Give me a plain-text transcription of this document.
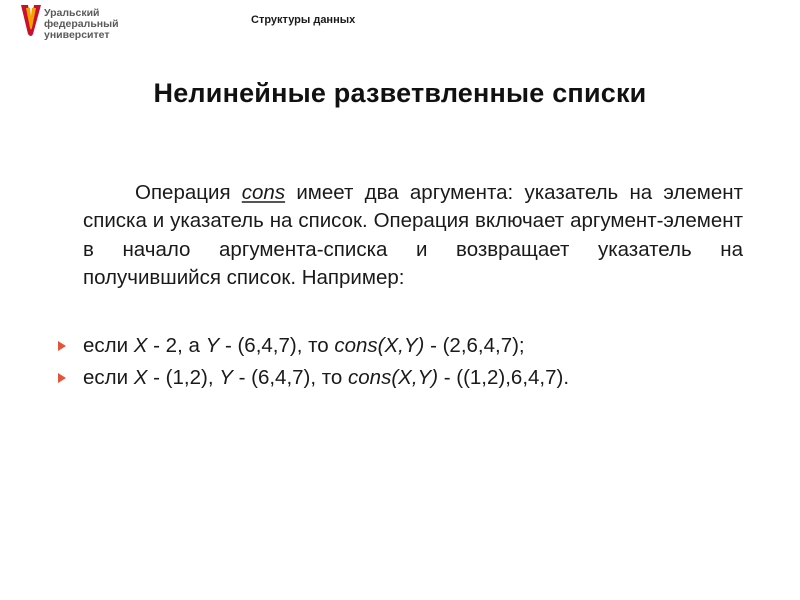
Уральский
федеральный
университет
Структуры данных
Нелинейные разветвленные списки

Операция cons имеет два аргумента: указатель на элемент списка и указатель на список. Операция включает аргумент-элемент в начало аргумента-списка и возвращает указатель на получившийся список. Например:

если X - 2, а Y - (6,4,7), то cons(X,Y) - (2,6,4,7);
если X - (1,2), Y - (6,4,7), то cons(X,Y) - ((1,2),6,4,7).
